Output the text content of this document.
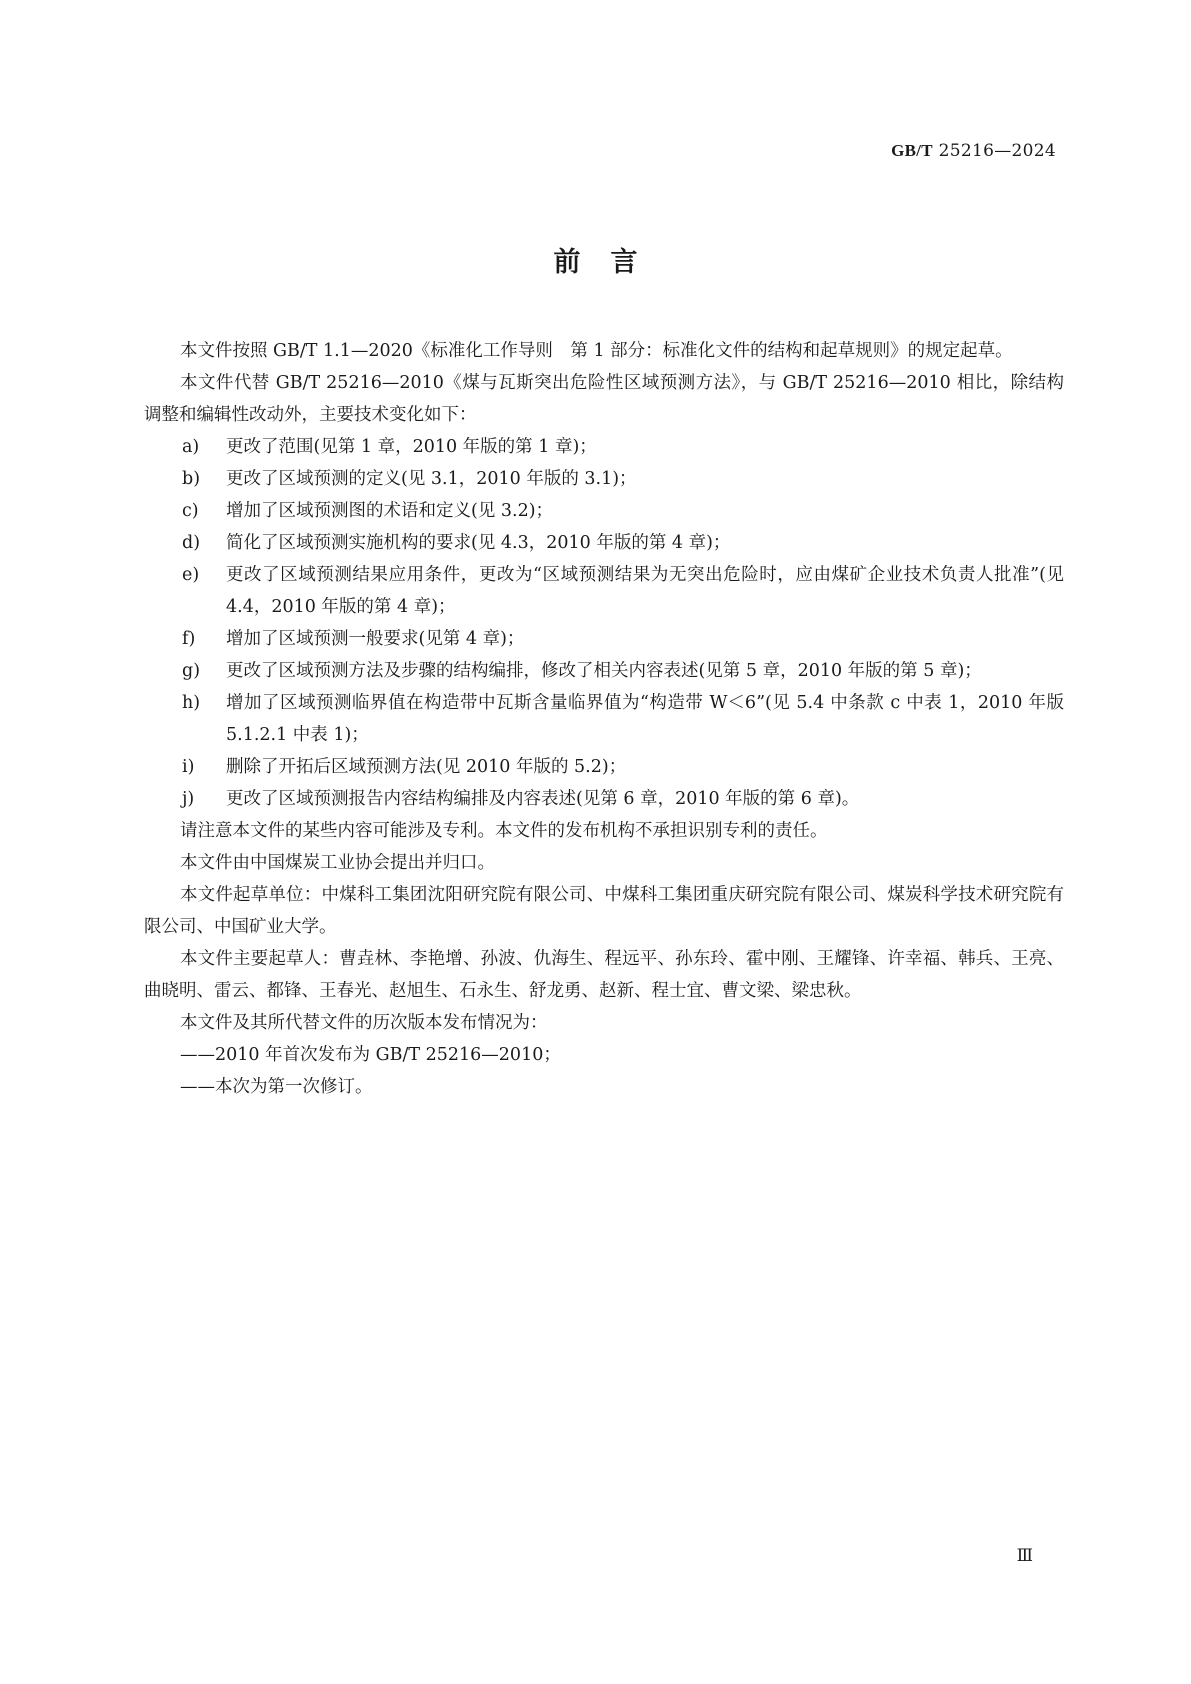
GB/T 25216—2024
前言

本文件按照 GB/T 1.1—2020《标准化工作导则　第 1 部分：标准化文件的结构和起草规则》的规定起草。

本文件代替 GB/T 25216—2010《煤与瓦斯突出危险性区域预测方法》，与 GB/T 25216—2010 相比，除结构调整和编辑性改动外，主要技术变化如下：

a) 更改了范围(见第 1 章，2010 年版的第 1 章)；

b) 更改了区域预测的定义(见 3.1，2010 年版的 3.1)；

c) 增加了区域预测图的术语和定义(见 3.2)；

d) 简化了区域预测实施机构的要求(见 4.3，2010 年版的第 4 章)；

e) 更改了区域预测结果应用条件，更改为“区域预测结果为无突出危险时，应由煤矿企业技术负责人批准”(见 4.4，2010 年版的第 4 章)；

f) 增加了区域预测一般要求(见第 4 章)；

g) 更改了区域预测方法及步骤的结构编排，修改了相关内容表述(见第 5 章，2010 年版的第 5 章)；

h) 增加了区域预测临界值在构造带中瓦斯含量临界值为“构造带 W＜6”(见 5.4 中条款 c 中表 1，2010 年版 5.1.2.1 中表 1)；

i) 删除了开拓后区域预测方法(见 2010 年版的 5.2)；

j) 更改了区域预测报告内容结构编排及内容表述(见第 6 章，2010 年版的第 6 章)。

请注意本文件的某些内容可能涉及专利。本文件的发布机构不承担识别专利的责任。

本文件由中国煤炭工业协会提出并归口。

本文件起草单位：中煤科工集团沈阳研究院有限公司、中煤科工集团重庆研究院有限公司、煤炭科学技术研究院有限公司、中国矿业大学。

本文件主要起草人：曹垚林、李艳增、孙波、仇海生、程远平、孙东玲、霍中刚、王耀锋、许幸福、韩兵、王亮、曲晓明、雷云、都锋、王春光、赵旭生、石永生、舒龙勇、赵新、程士宜、曹文梁、梁忠秋。

本文件及其所代替文件的历次版本发布情况为：

——2010 年首次发布为 GB/T 25216—2010；

——本次为第一次修订。

Ⅲ
